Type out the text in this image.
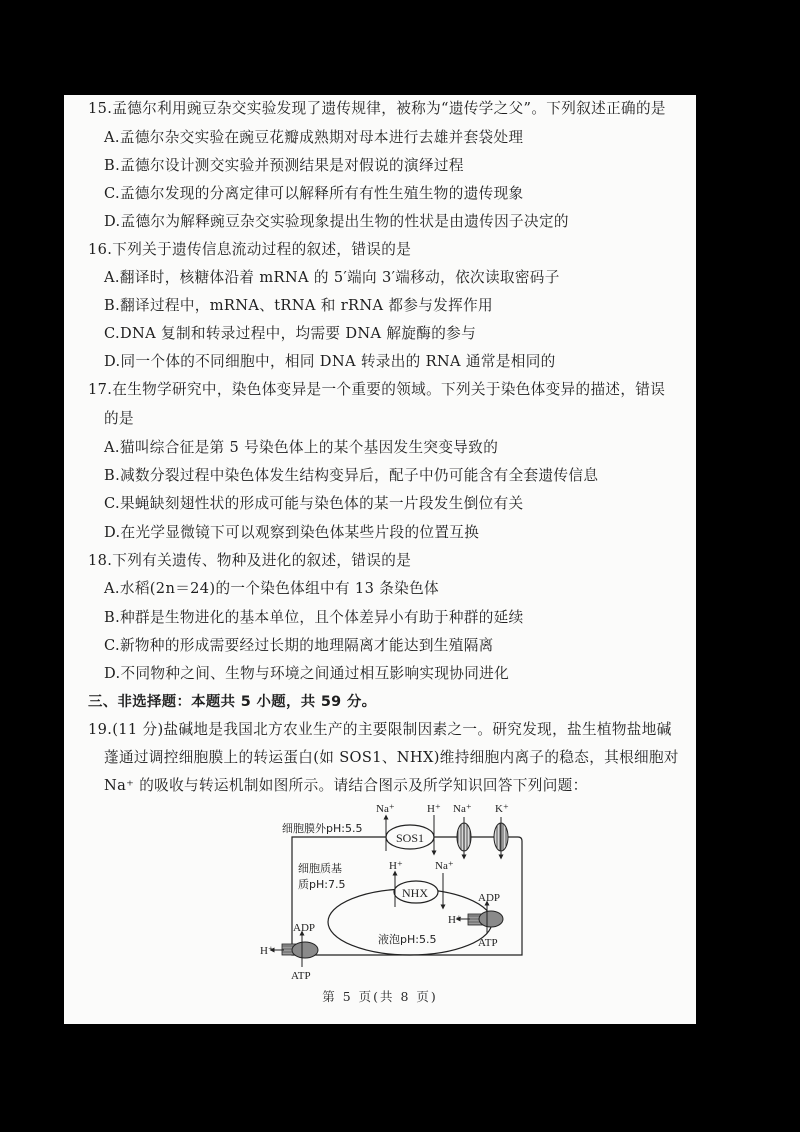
15.孟德尔利用豌豆杂交实验发现了遗传规律，被称为“遗传学之父”。下列叙述正确的是
A.孟德尔杂交实验在豌豆花瓣成熟期对母本进行去雄并套袋处理
B.孟德尔设计测交实验并预测结果是对假说的演绎过程
C.孟德尔发现的分离定律可以解释所有有性生殖生物的遗传现象
D.孟德尔为解释豌豆杂交实验现象提出生物的性状是由遗传因子决定的
16.下列关于遗传信息流动过程的叙述，错误的是
A.翻译时，核糖体沿着 mRNA 的 5′端向 3′端移动，依次读取密码子
B.翻译过程中，mRNA、tRNA 和 rRNA 都参与发挥作用
C.DNA 复制和转录过程中，均需要 DNA 解旋酶的参与
D.同一个体的不同细胞中，相同 DNA 转录出的 RNA 通常是相同的
17.在生物学研究中，染色体变异是一个重要的领域。下列关于染色体变异的描述，错误
的是
A.猫叫综合征是第 5 号染色体上的某个基因发生突变导致的
B.减数分裂过程中染色体发生结构变异后，配子中仍可能含有全套遗传信息
C.果蝇缺刻翅性状的形成可能与染色体的某一片段发生倒位有关
D.在光学显微镜下可以观察到染色体某些片段的位置互换
18.下列有关遗传、物种及进化的叙述，错误的是
A.水稻(2n＝24)的一个染色体组中有 13 条染色体
B.种群是生物进化的基本单位，且个体差异小有助于种群的延续
C.新物种的形成需要经过长期的地理隔离才能达到生殖隔离
D.不同物种之间、生物与环境之间通过相互影响实现协同进化
三、非选择题：本题共 5 小题，共 59 分。
19.(11 分)盐碱地是我国北方农业生产的主要限制因素之一。研究发现，盐生植物盐地碱
蓬通过调控细胞膜上的转运蛋白(如 SOS1、NHX)维持细胞内离子的稳态，其根细胞对
Na⁺ 的吸收与转运机制如图所示。请结合图示及所学知识回答下列问题：
细胞膜外pH:5.5
SOS1
Na⁺	H⁺ Na⁺ K⁺
细胞质基
质pH:7.5
液泡pH:5.5
NHX
H⁺	Na⁺
H⁺
ADP
ATP
H⁺
ADP
ATP
第 5 页(共 8 页)
